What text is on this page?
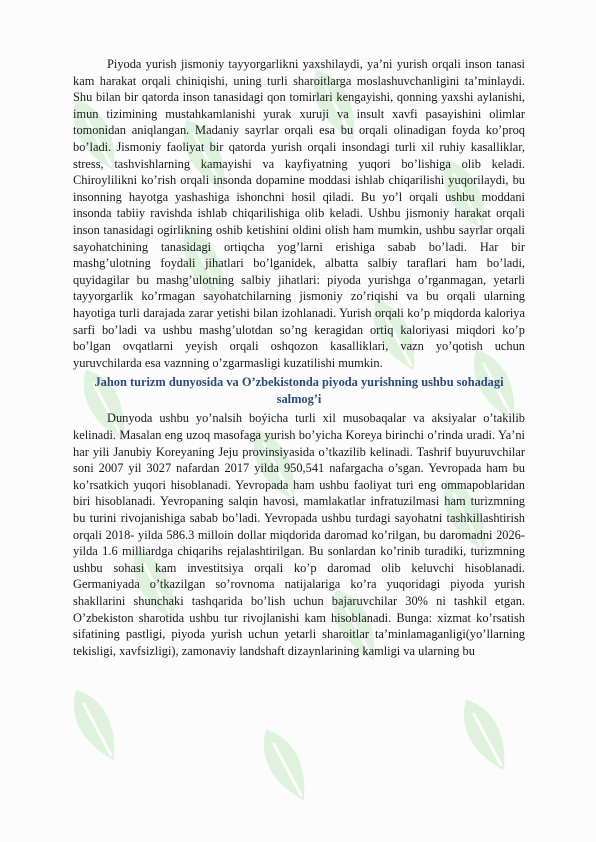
Piyoda yurish jismoniy tayyorgarlikni yaxshilaydi, ya’ni yurish orqali inson tanasi kam harakat orqali chiniqishi, uning turli sharoitlarga moslashuvchanligini ta’minlaydi. Shu bilan bir qatorda inson tanasidagi qon tomirlari kengayishi, qonning yaxshi aylanishi, imun tizimining mustahkamlanishi yurak xuruji va insult xavfi pasayishini olimlar tomonidan aniqlangan. Madaniy sayrlar orqali esa bu orqali olinadigan foyda ko’proq bo’ladi. Jismoniy faoliyat bir qatorda yurish orqali insondagi turli xil ruhiy kasalliklar, stress, tashvishlarning kamayishi va kayfiyatning yuqori bo’lishiga olib keladi. Chiroylilikni ko’rish orqali insonda dopamine moddasi ishlab chiqarilishi yuqorilaydi, bu insonning hayotga yashashiga ishonchni hosil qiladi. Bu yo’l orqali ushbu moddani insonda tabiiy ravishda ishlab chiqarilishiga olib keladi. Ushbu jismoniy harakat orqali inson tanasidagi ogirlikning oshib ketishini oldini olish ham mumkin, ushbu sayrlar orqali sayohatchining tanasidagi ortiqcha yog’larni erishiga sabab bo’ladi. Har bir mashg’ulotning foydali jihatlari bo’lganidek, albatta salbiy taraflari ham bo’ladi, quyidagilar bu mashg’ulotning salbiy jihatlari: piyoda yurishga o’rganmagan, yetarli tayyorgarlik ko’rmagan sayohatchilarning jismoniy zo’riqishi va bu orqali ularning hayotiga turli darajada zarar yetishi bilan izohlanadi. Yurish orqali ko’p miqdorda kaloriya sarfi bo’ladi va ushbu mashg’ulotdan so’ng keragidan ortiq kaloriyasi miqdori ko’p bo’lgan ovqatlarni yeyish orqali oshqozon kasalliklari, vazn yo’qotish uchun yuruvchilarda esa vaznning o’zgarmasligi kuzatilishi mumkin.

Jahon turizm dunyosida va O’zbekistonda piyoda yurishning ushbu sohadagi salmog’i

Dunyoda ushbu yo’nalsih boýicha turli xil musobaqalar va aksiyalar o’takilib kelinadi. Masalan eng uzoq masofaga yurish bo’yicha Koreya birinchi o’rinda uradi. Ya’ni har yili Janubiy Koreyaning Jeju provinsiyasida o’tkazilib kelinadi. Tashrif buyuruvchilar soni 2007 yil 3027 nafardan 2017 yilda 950,541 nafargacha o’sgan. Yevropada ham bu ko’rsatkich yuqori hisoblanadi. Yevropada ham ushbu faoliyat turi eng ommapoblaridan biri hisoblanadi. Yevropaning salqin havosi, mamlakatlar infratuzilmasi ham turizmning bu turini rivojanishiga sabab bo’ladi. Yevropada ushbu turdagi sayohatni tashkillashtirish orqali 2018- yilda 586.3 milloin dollar miqdorida daromad ko’rilgan, bu daromadni 2026-yilda 1.6 milliardga chiqarihs rejalashtirilgan. Bu sonlardan ko’rinib turadiki, turizmning ushbu sohasi kam investitsiya orqali ko’p daromad olib keluvchi hisoblanadi. Germaniyada o’tkazilgan so’rovnoma natijalariga ko’ra yuqoridagi piyoda yurish shakllarini shunchaki tashqarida bo’lish uchun bajaruvchilar 30% ni tashkil etgan. O’zbekiston sharotida ushbu tur rivojlanishi kam hisoblanadi. Bunga: xizmat ko’rsatish sifatining pastligi, piyoda yurish uchun yetarli sharoitlar ta’minlamaganligi(yo’llarning tekisligi, xavfsizligi), zamonaviy landshaft dizaynlarining kamligi va ularning bu
